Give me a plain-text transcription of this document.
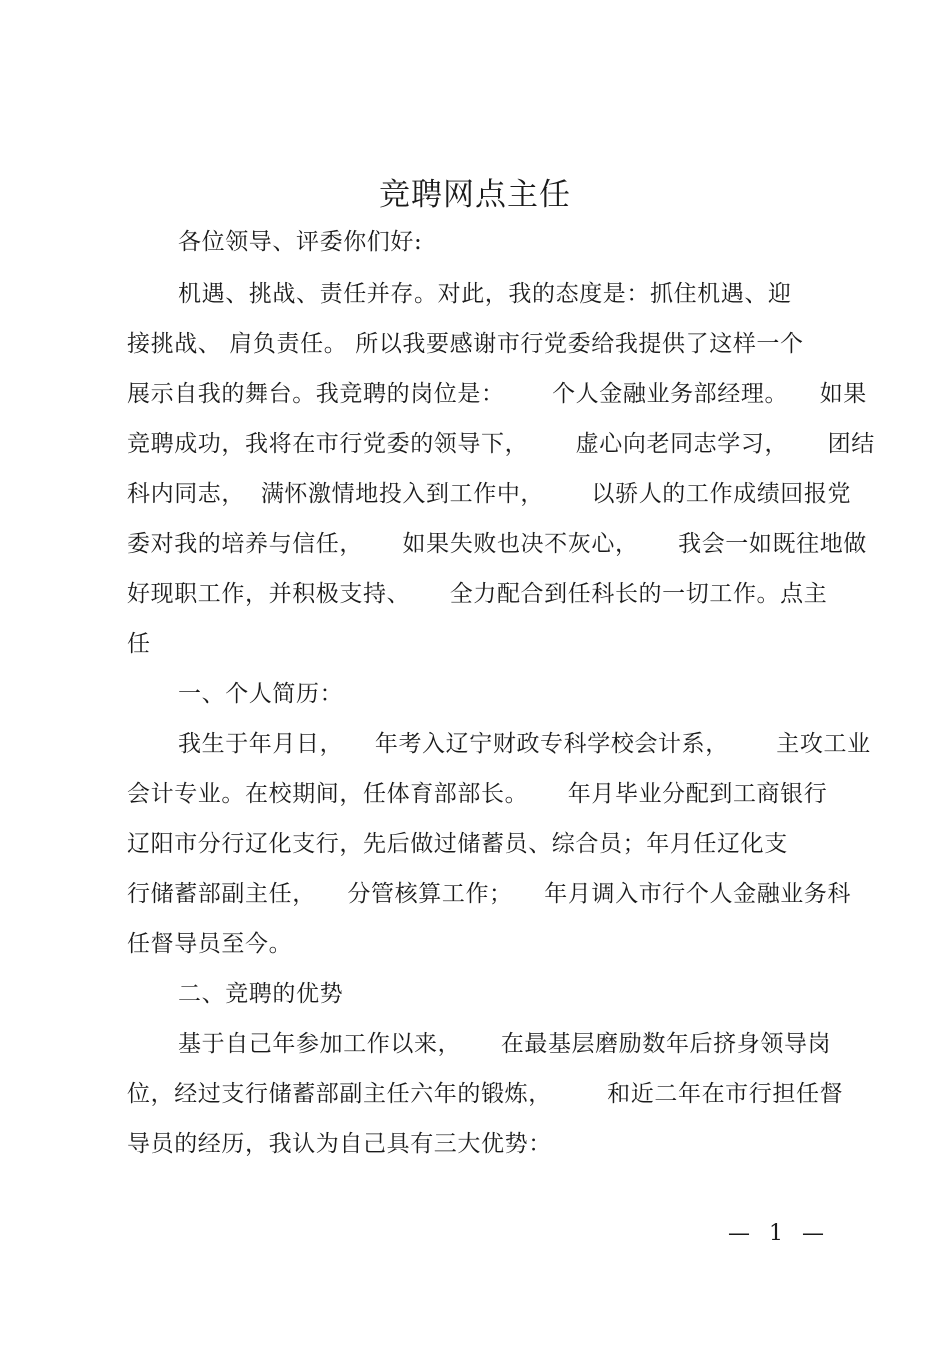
竞聘网点主任
各位领导、评委你们好:
机遇、挑战、责任并存。对此，我的态度是：抓住机遇、迎
接挑战、 肩负责任。 所以我要感谢市行党委给我提供了这样一个
展示自我的舞台。我竞聘的岗位是：      个人金融业务部经理。    如果
竞聘成功，我将在市行党委的领导下，      虚心向老同志学习，     团结
科内同志，  满怀激情地投入到工作中，      以骄人的工作成绩回报党
委对我的培养与信任，     如果失败也决不灰心，     我会一如既往地做
好现职工作，并积极支持、     全力配合到任科长的一切工作。点主
任
一、个人简历：
我生于年月日，    年考入辽宁财政专科学校会计系，      主攻工业
会计专业。在校期间，任体育部部长。     年月毕业分配到工商银行
辽阳市分行辽化支行，先后做过储蓄员、综合员；年月任辽化支
行储蓄部副主任，    分管核算工作；    年月调入市行个人金融业务科
任督导员至今。
二、竞聘的优势
基于自己年参加工作以来，     在最基层磨励数年后挤身领导岗
位，经过支行储蓄部副主任六年的锻炼，       和近二年在市行担任督
导员的经历，我认为自己具有三大优势：
— 1 —
